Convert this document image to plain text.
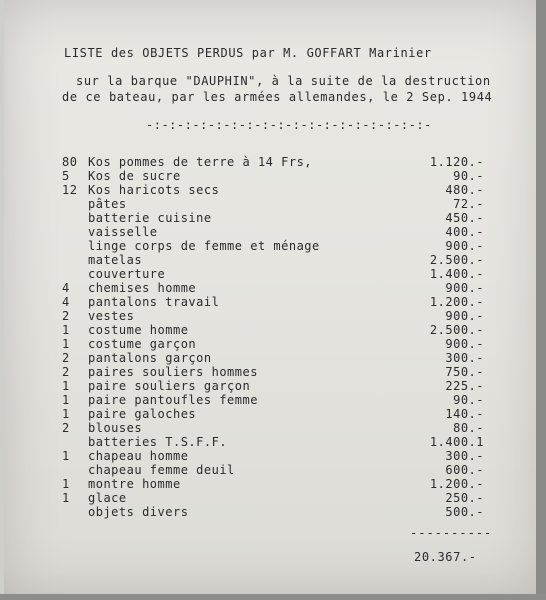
LISTE des OBJETS PERDUS par M. GOFFART Marinier
sur la barque "DAUPHIN", à la suite de la destruction
de ce bateau, par les armées allemandes, le 2 Sep. 1944
-:-:-:-:-:-:-:-:-:-:-:-:-:-:-:-:-:-:-
80 Kos pommes de terre à 14 Frs,	1.120.-
5	Kos de sucre	90.-
12 Kos haricots secs	480.-
pâtes	72.-
batterie cuisine	450.-
vaisselle	400.-
linge corps de femme et ménage	900.-
matelas	2.500.-
couverture	1.400.-
4	chemises homme	900.-
4	pantalons travail	1.200.-
2	vestes	900.-
1	costume homme	2.500.-
1	costume garçon	900.-
2	pantalons garçon	300.-
2	paires souliers hommes	750.-
1	paire souliers garçon	225.-
1	paire pantoufles femme	90.-
1	paire galoches	140.-
2	blouses	80.-
batteries T.S.F.F.	1.400.1
1	chapeau homme	300.-
chapeau femme deuil	600.-
1	montre homme	1.200.-
1	glace	250.-
objets divers	500.-
----------
20.367.-
